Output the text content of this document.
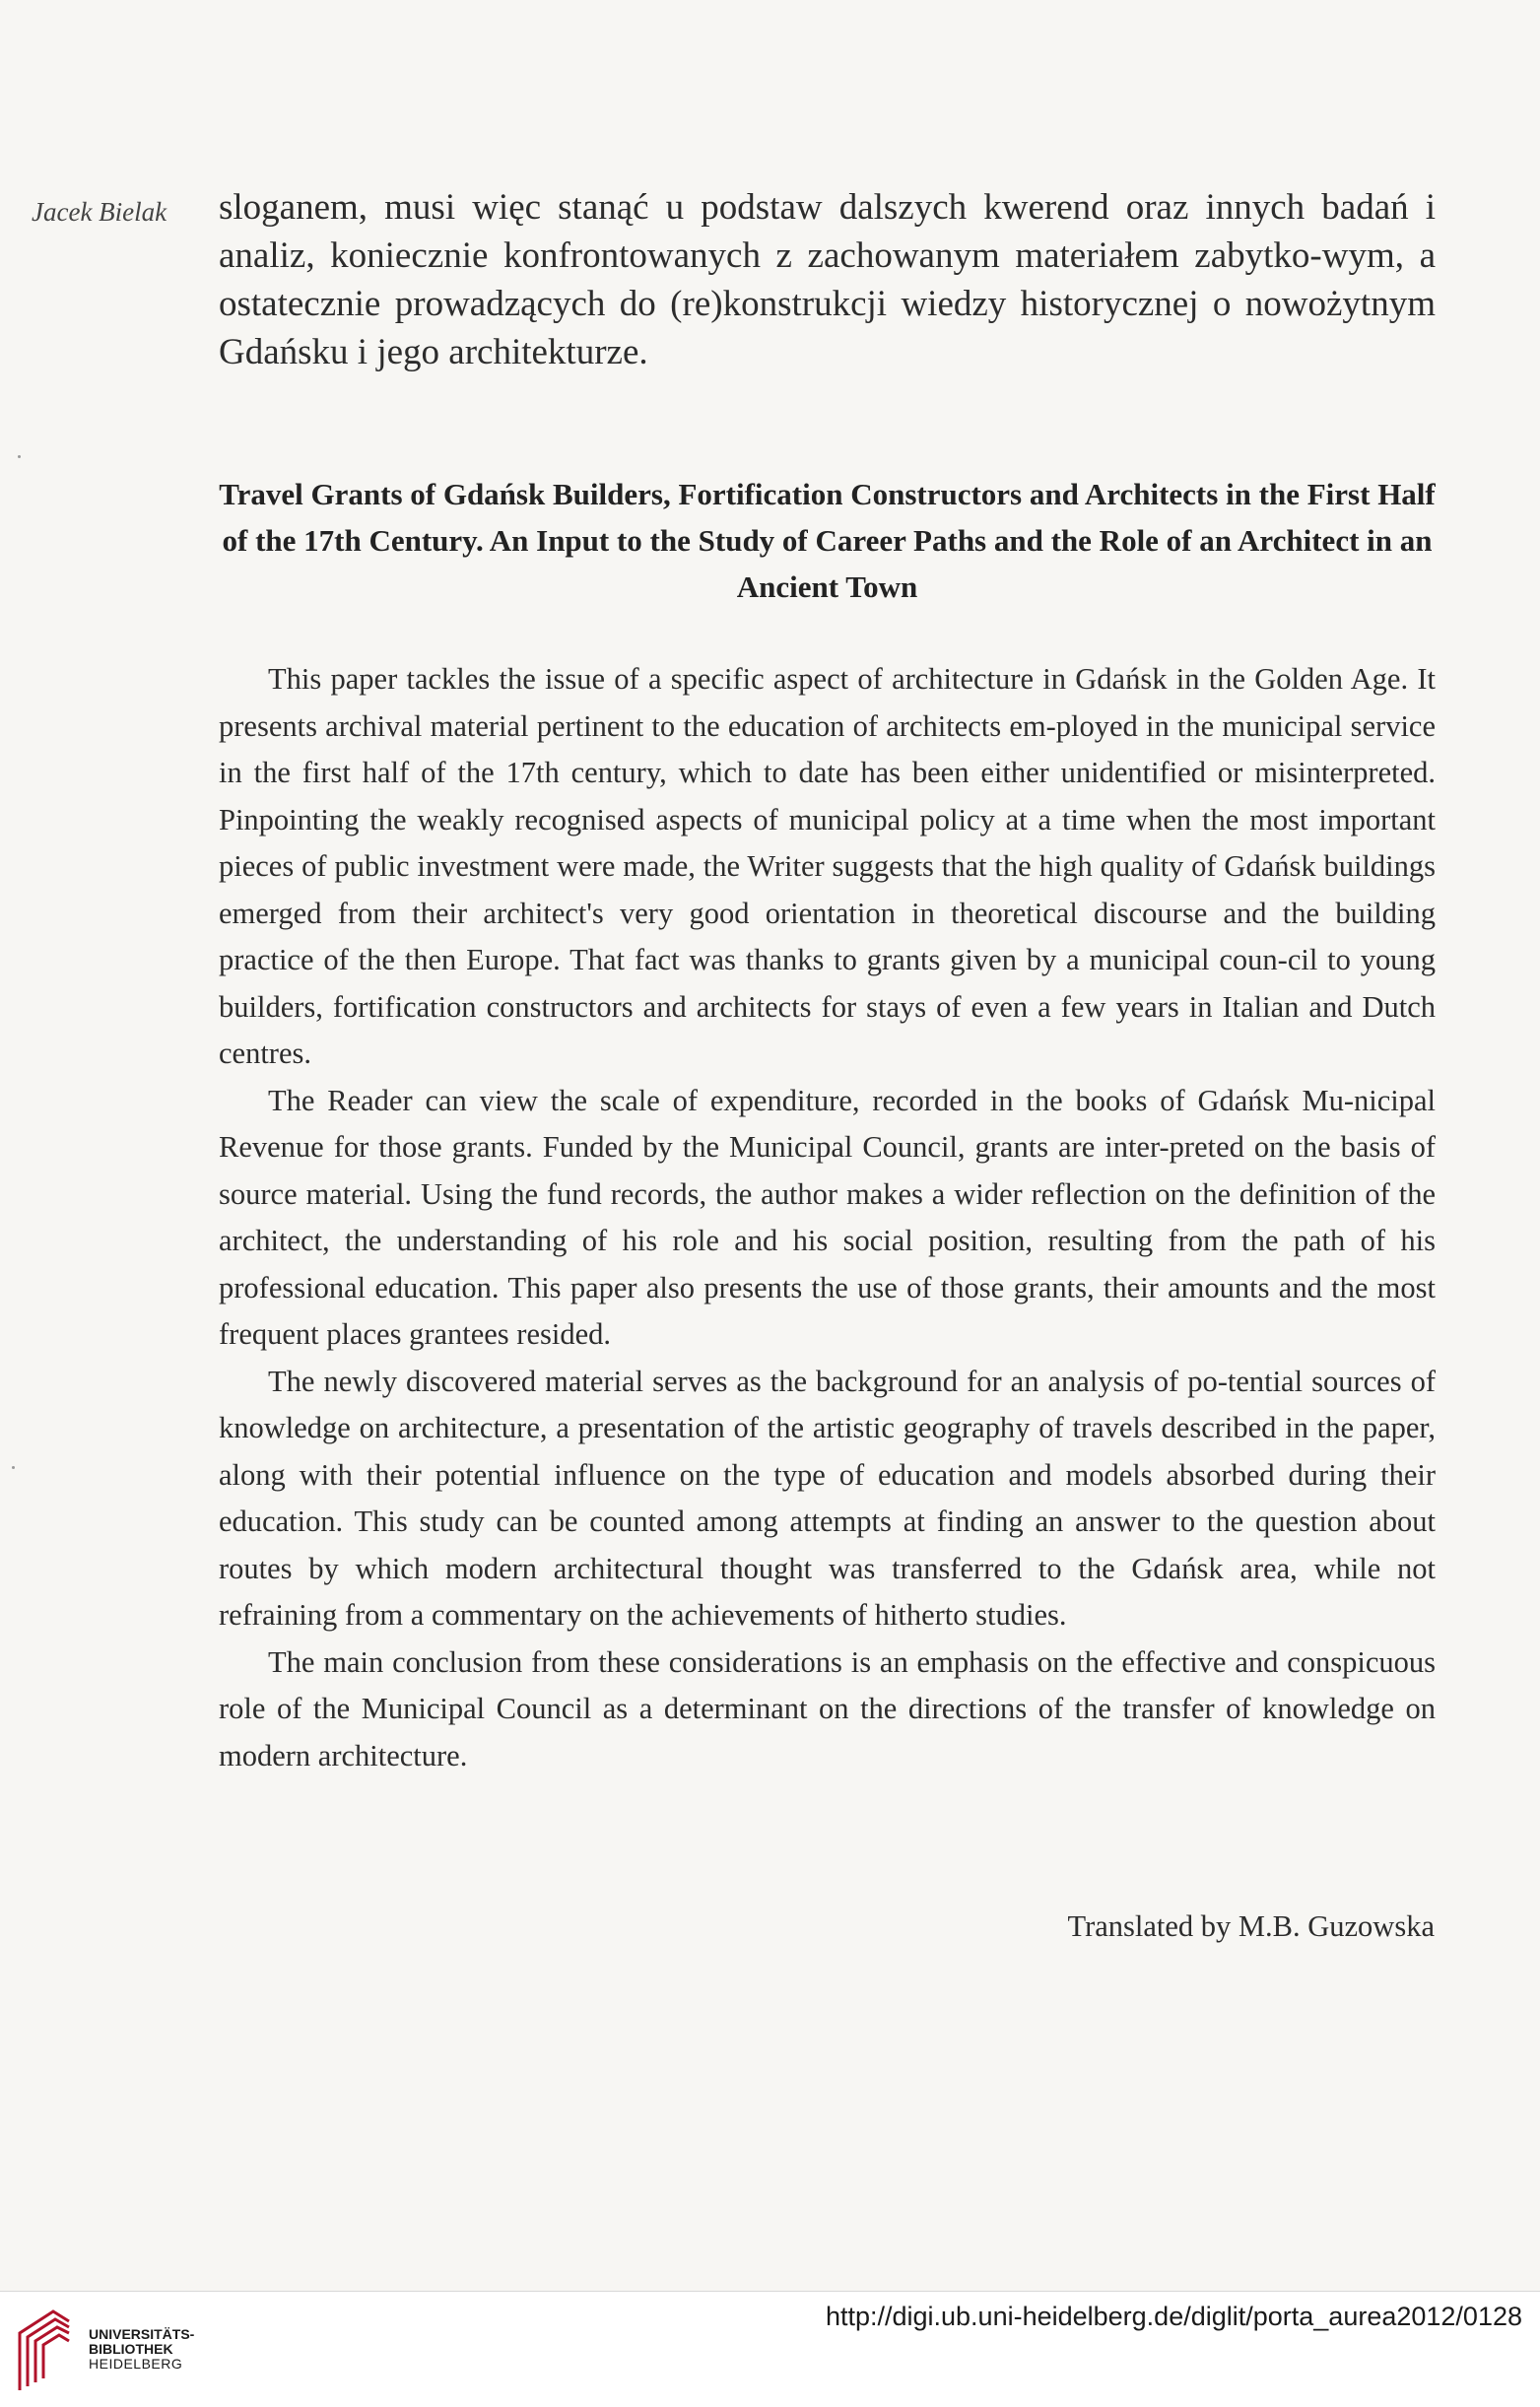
Jacek Bielak sloganem, musi więc stanąć u podstaw dalszych kwerend oraz innych badań i analiz, koniecznie konfrontowanych z zachowanym materiałem zabytko-wym, a ostatecznie prowadzących do (re)konstrukcji wiedzy historycznej o nowożytnym Gdańsku i jego architekturze.
Travel Grants of Gdańsk Builders, Fortification Constructors and Architects in the First Half of the 17th Century. An Input to the Study of Career Paths and the Role of an Architect in an Ancient Town

This paper tackles the issue of a specific aspect of architecture in Gdańsk in the Golden Age. It presents archival material pertinent to the education of architects em-ployed in the municipal service in the first half of the 17th century, which to date has been either unidentified or misinterpreted. Pinpointing the weakly recognised aspects of municipal policy at a time when the most important pieces of public investment were made, the Writer suggests that the high quality of Gdańsk buildings emerged from their architect's very good orientation in theoretical discourse and the building practice of the then Europe. That fact was thanks to grants given by a municipal coun-cil to young builders, fortification constructors and architects for stays of even a few years in Italian and Dutch centres.

The Reader can view the scale of expenditure, recorded in the books of Gdańsk Mu-nicipal Revenue for those grants. Funded by the Municipal Council, grants are inter-preted on the basis of source material. Using the fund records, the author makes a wider reflection on the definition of the architect, the understanding of his role and his social position, resulting from the path of his professional education. This paper also presents the use of those grants, their amounts and the most frequent places grantees resided.

The newly discovered material serves as the background for an analysis of po-tential sources of knowledge on architecture, a presentation of the artistic geography of travels described in the paper, along with their potential influence on the type of education and models absorbed during their education. This study can be counted among attempts at finding an answer to the question about routes by which modern architectural thought was transferred to the Gdańsk area, while not refraining from a commentary on the achievements of hitherto studies.

The main conclusion from these considerations is an emphasis on the effective and conspicuous role of the Municipal Council as a determinant on the directions of the transfer of knowledge on modern architecture.

Translated by M.B. Guzowska
UNIVERSITÄTS-
BIBLIOTHEK
HEIDELBERG
http://digi.ub.uni-heidelberg.de/diglit/porta_aurea2012/0128
